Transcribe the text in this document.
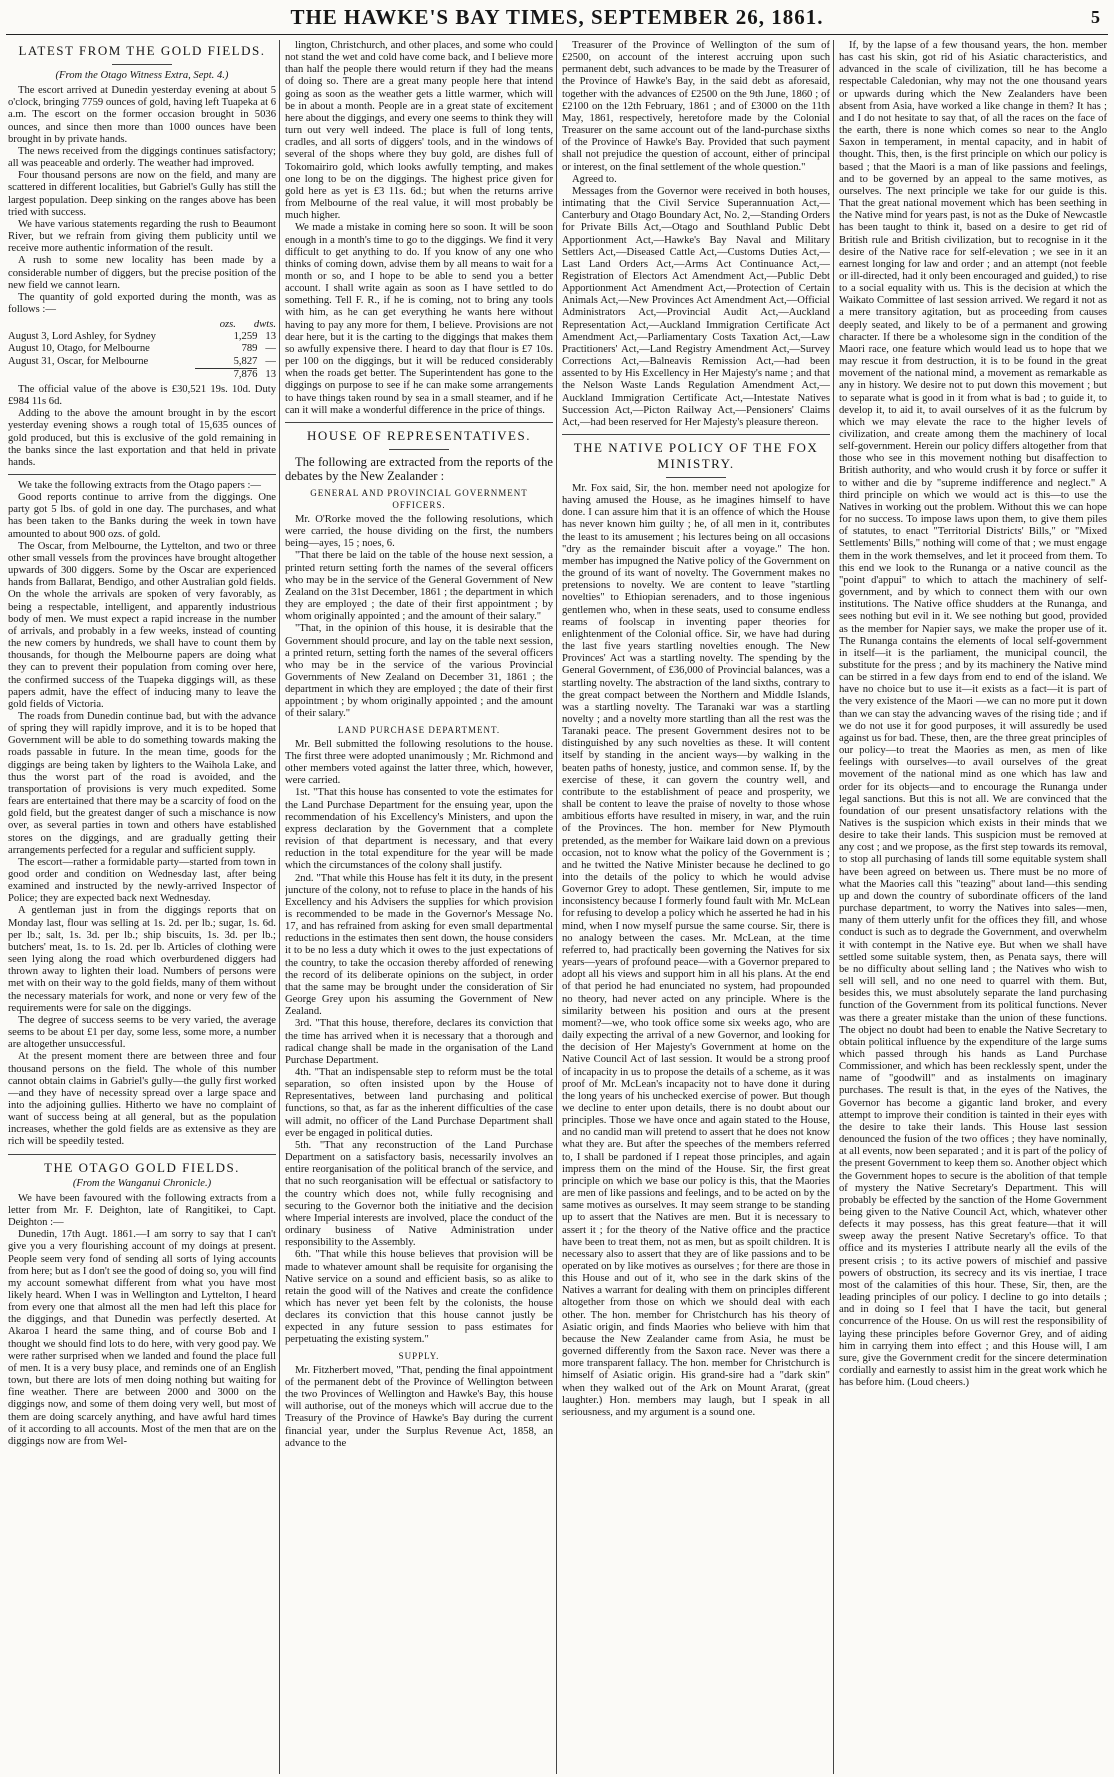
THE HAWKE'S BAY TIMES, SEPTEMBER 26, 1861.	5
LATEST FROM THE GOLD FIELDS.
(From the Otago Witness Extra, Sept. 4.)

The escort arrived at Dunedin yesterday evening at about 5 o'clock, bringing 7759 ounces of gold, having left Tuapeka at 6 a.m. The escort on the former occasion brought in 5036 ounces, and since then more than 1000 ounces have been brought in by private hands.

The news received from the diggings continues satisfactory; all was peaceable and orderly. The weather had improved.

Four thousand persons are now on the field, and many are scattered in different localities, but Gabriel's Gully has still the largest population. Deep sinking on the ranges above has been tried with success.

We have various statements regarding the rush to Beaumont River, but we refrain from giving them publicity until we receive more authentic information of the result.

A rush to some new locality has been made by a considerable number of diggers, but the precise position of the new field we cannot learn.

The quantity of gold exported during the month, was as follows :—

ozs. dwts.
August 3, Lord Ashley, for Sydney	1,259 13
August 10, Otago, for Melbourne	789 —
August 31, Oscar, for Melbourne	5,827 —
7,876 13

The official value of the above is £30,521 19s. 10d. Duty £984 11s 6d.

Adding to the above the amount brought in by the escort yesterday evening shows a rough total of 15,635 ounces of gold produced, but this is exclusive of the gold remaining in the banks since the last exportation and that held in private hands.

We take the following extracts from the Otago papers :—

Good reports continue to arrive from the diggings. One party got 5 lbs. of gold in one day. The purchases, and what has been taken to the Banks during the week in town have amounted to about 900 ozs. of gold.

The Oscar, from Melbourne, the Lyttelton, and two or three other small vessels from the provinces have brought altogether upwards of 300 diggers. Some by the Oscar are experienced hands from Ballarat, Bendigo, and other Australian gold fields. On the whole the arrivals are spoken of very favorably, as being a respectable, intelligent, and apparently industrious body of men. We must expect a rapid increase in the number of arrivals, and probably in a few weeks, instead of counting the new comers by hundreds, we shall have to count them by thousands, for though the Melbourne papers are doing what they can to prevent their population from coming over here, the confirmed success of the Tuapeka diggings will, as these papers admit, have the effect of inducing many to leave the gold fields of Victoria.

The roads from Dunedin continue bad, but with the advance of spring they will rapidly improve, and it is to be hoped that Government will be able to do something towards making the roads passable in future. In the mean time, goods for the diggings are being taken by lighters to the Waihola Lake, and thus the worst part of the road is avoided, and the transportation of provisions is very much expedited. Some fears are entertained that there may be a scarcity of food on the gold field, but the greatest danger of such a mischance is now over, as several parties in town and others have established stores on the diggings, and are gradually getting their arrangements perfected for a regular and sufficient supply.

The escort—rather a formidable party—started from town in good order and condition on Wednesday last, after being examined and instructed by the newly-arrived Inspector of Police; they are expected back next Wednesday.

A gentleman just in from the diggings reports that on Monday last, flour was selling at 1s. 2d. per lb.; sugar, 1s. 6d. per lb.; salt, 1s. 3d. per lb.; ship biscuits, 1s. 3d. per lb.; butchers' meat, 1s. to 1s. 2d. per lb. Articles of clothing were seen lying along the road which overburdened diggers had thrown away to lighten their load. Numbers of persons were met with on their way to the gold fields, many of them without the necessary materials for work, and none or very few of the requirements were for sale on the diggings.

The degree of success seems to be very varied, the average seems to be about £1 per day, some less, some more, a number are altogether unsuccessful.

At the present moment there are between three and four thousand persons on the field. The whole of this number cannot obtain claims in Gabriel's gully—the gully first worked—and they have of necessity spread over a large space and into the adjoining gullies. Hitherto we have no complaint of want of success being at all general, but as the population increases, whether the gold fields are as extensive as they are rich will be speedily tested.

THE OTAGO GOLD FIELDS.
(From the Wanganui Chronicle.)

We have been favoured with the following extracts from a letter from Mr. F. Deighton, late of Rangitikei, to Capt. Deighton :—

Dunedin, 17th Augt. 1861.—I am sorry to say that I can't give you a very flourishing account of my doings at present. People seem very fond of sending all sorts of lying accounts from here; but as I don't see the good of doing so, you will find my account somewhat different from what you have most likely heard. When I was in Wellington and Lyttelton, I heard from every one that almost all the men had left this place for the diggings, and that Dunedin was perfectly deserted. At Akaroa I heard the same thing, and of course Bob and I thought we should find lots to do here, with very good pay. We were rather surprised when we landed and found the place full of men. It is a very busy place, and reminds one of an English town, but there are lots of men doing nothing but waiting for fine weather. There are between 2000 and 3000 on the diggings now, and some of them doing very well, but most of them are doing scarcely anything, and have awful hard times of it according to all accounts. Most of the men that are on the diggings now are from Wel-

lington, Christchurch, and other places, and some who could not stand the wet and cold have come back, and I believe more than half the people there would return if they had the means of doing so. There are a great many people here that intend going as soon as the weather gets a little warmer, which will be in about a month. People are in a great state of excitement here about the diggings, and every one seems to think they will turn out very well indeed. The place is full of long tents, cradles, and all sorts of diggers' tools, and in the windows of several of the shops where they buy gold, are dishes full of Tokomairiro gold, which looks awfully tempting, and makes one long to be on the diggings. The highest price given for gold here as yet is £3 11s. 6d.; but when the returns arrive from Melbourne of the real value, it will most probably be much higher.

We made a mistake in coming here so soon. It will be soon enough in a month's time to go to the diggings. We find it very difficult to get anything to do. If you know of any one who thinks of coming down, advise them by all means to wait for a month or so, and I hope to be able to send you a better account. I shall write again as soon as I have settled to do something. Tell F. R., if he is coming, not to bring any tools with him, as he can get everything he wants here without having to pay any more for them, I believe. Provisions are not dear here, but it is the carting to the diggings that makes them so awfully expensive there. I heard to day that flour is £7 10s. per 100 on the diggings, but it will be reduced considerably when the roads get better. The Superintendent has gone to the diggings on purpose to see if he can make some arrangements to have things taken round by sea in a small steamer, and if he can it will make a wonderful difference in the price of things.

HOUSE OF REPRESENTATIVES.

The following are extracted from the reports of the debates by the New Zealander :

GENERAL AND PROVINCIAL GOVERNMENT OFFICERS.

Mr. O'Rorke moved the the following resolutions, which were carried, the house dividing on the first, the numbers being—ayes, 15 ; noes, 6.

"That there be laid on the table of the house next session, a printed return setting forth the names of the several officers who may be in the service of the General Government of New Zealand on the 31st December, 1861 ; the department in which they are employed ; the date of their first appointment ; by whom originally appointed ; and the amount of their salary."

"That, in the opinion of this house, it is desirable that the Government should procure, and lay on the table next session, a printed return, setting forth the names of the several officers who may be in the service of the various Provincial Governments of New Zealand on December 31, 1861 ; the department in which they are employed ; the date of their first appointment ; by whom originally appointed ; and the amount of their salary."

LAND PURCHASE DEPARTMENT.

Mr. Bell submitted the following resolutions to the house. The first three were adopted unanimously ; Mr. Richmond and other members voted against the latter three, which, however, were carried.

1st. "That this house has consented to vote the estimates for the Land Purchase Department for the ensuing year, upon the recommendation of his Excellency's Ministers, and upon the express declaration by the Government that a complete revision of that department is necessary, and that every reduction in the total expenditure for the year will be made which the circumstances of the colony shall justify.

2nd. "That while this House has felt it its duty, in the present juncture of the colony, not to refuse to place in the hands of his Excellency and his Advisers the supplies for which provision is recommended to be made in the Governor's Message No. 17, and has refrained from asking for even small departmental reductions in the estimates then sent down, the house considers it to be no less a duty which it owes to the just expectations of the country, to take the occasion thereby afforded of renewing the record of its deliberate opinions on the subject, in order that the same may be brought under the consideration of Sir George Grey upon his assuming the Government of New Zealand.

3rd. "That this house, therefore, declares its conviction that the time has arrived when it is necessary that a thorough and radical change shall be made in the organisation of the Land Purchase Department.

4th. "That an indispensable step to reform must be the total separation, so often insisted upon by the House of Representatives, between land purchasing and political functions, so that, as far as the inherent difficulties of the case will admit, no officer of the Land Purchase Department shall ever be engaged in political duties.

5th. "That any reconstruction of the Land Purchase Department on a satisfactory basis, necessarily involves an entire reorganisation of the political branch of the service, and that no such reorganisation will be effectual or satisfactory to the country which does not, while fully recognising and securing to the Governor both the initiative and the decision where Imperial interests are involved, place the conduct of the ordinary business of Native Administration under responsibility to the Assembly.

6th. "That while this house believes that provision will be made to whatever amount shall be requisite for organising the Native service on a sound and efficient basis, so as alike to retain the good will of the Natives and create the confidence which has never yet been felt by the colonists, the house declares its conviction that this house cannot justly be expected in any future session to pass estimates for perpetuating the existing system."

SUPPLY.

Mr. Fitzherbert moved, "That, pending the final appointment of the permanent debt of the Province of Wellington between the two Provinces of Wellington and Hawke's Bay, this house will authorise, out of the moneys which will accrue due to the Treasury of the Province of Hawke's Bay during the current financial year, under the Surplus Revenue Act, 1858, an advance to the

Treasurer of the Province of Wellington of the sum of £2500, on account of the interest accruing upon such permanent debt, such advances to be made by the Treasurer of the Province of Hawke's Bay, in the said debt as aforesaid, together with the advances of £2500 on the 9th June, 1860 ; of £2100 on the 12th February, 1861 ; and of £3000 on the 11th May, 1861, respectively, heretofore made by the Colonial Treasurer on the same account out of the land-purchase sixths of the Province of Hawke's Bay. Provided that such payment shall not prejudice the question of account, either of principal or interest, on the final settlement of the whole question."

Agreed to.

Messages from the Governor were received in both houses, intimating that the Civil Service Superannuation Act,—Canterbury and Otago Boundary Act, No. 2,—Standing Orders for Private Bills Act,—Otago and Southland Public Debt Apportionment Act,—Hawke's Bay Naval and Military Settlers Act,—Diseased Cattle Act,—Customs Duties Act,—Last Land Orders Act,—Arms Act Continuance Act,—Registration of Electors Act Amendment Act,—Public Debt Apportionment Act Amendment Act,—Protection of Certain Animals Act,—New Provinces Act Amendment Act,—Official Administrators Act,—Provincial Audit Act,—Auckland Representation Act,—Auckland Immigration Certificate Act Amendment Act,—Parliamentary Costs Taxation Act,—Law Practitioners' Act,—Land Registry Amendment Act,—Survey Corrections Act,—Balneavis Remission Act,—had been assented to by His Excellency in Her Majesty's name ; and that the Nelson Waste Lands Regulation Amendment Act,—Auckland Immigration Certificate Act,—Intestate Natives Succession Act,—Picton Railway Act,—Pensioners' Claims Act,—had been reserved for Her Majesty's pleasure thereon.

THE NATIVE POLICY OF THE FOX MINISTRY.

Mr. Fox said, Sir, the hon. member need not apologize for having amused the House, as he imagines himself to have done. I can assure him that it is an offence of which the House has never known him guilty ; he, of all men in it, contributes the least to its amusement ; his lectures being on all occasions "dry as the remainder biscuit after a voyage." The hon. member has impugned the Native policy of the Government on the ground of its want of novelty. The Government makes no pretensions to novelty. We are content to leave "startling novelties" to Ethiopian serenaders, and to those ingenious gentlemen who, when in these seats, used to consume endless reams of foolscap in inventing paper theories for enlightenment of the Colonial office. Sir, we have had during the last five years startling novelties enough. The New Provinces' Act was a startling novelty. The spending by the General Government, of £36,000 of Provincial balances, was a startling novelty. The abstraction of the land sixths, contrary to the great compact between the Northern and Middle Islands, was a startling novelty. The Taranaki war was a startling novelty ; and a novelty more startling than all the rest was the Taranaki peace. The present Government desires not to be distinguished by any such novelties as these. It will content itself by standing in the ancient ways—by walking in the beaten paths of honesty, justice, and common sense. If, by the exercise of these, it can govern the country well, and contribute to the establishment of peace and prosperity, we shall be content to leave the praise of novelty to those whose ambitious efforts have resulted in misery, in war, and the ruin of the Provinces. The hon. member for New Plymouth pretended, as the member for Waikare laid down on a previous occasion, not to know what the policy of the Government is ; and he twitted the Native Minister because he declined to go into the details of the policy to which he would advise Governor Grey to adopt. These gentlemen, Sir, impute to me inconsistency because I formerly found fault with Mr. McLean for refusing to develop a policy which he asserted he had in his mind, when I now myself pursue the same course. Sir, there is no analogy between the cases. Mr. McLean, at the time referred to, had practically been governing the Natives for six years—years of profound peace—with a Governor prepared to adopt all his views and support him in all his plans. At the end of that period he had enunciated no system, had propounded no theory, had never acted on any principle. Where is the similarity between his position and ours at the present moment?—we, who took office some six weeks ago, who are daily expecting the arrival of a new Governor, and looking for the decision of Her Majesty's Government at home on the Native Council Act of last session. It would be a strong proof of incapacity in us to propose the details of a scheme, as it was proof of Mr. McLean's incapacity not to have done it during the long years of his unchecked exercise of power. But though we decline to enter upon details, there is no doubt about our principles. Those we have once and again stated to the House, and no candid man will pretend to assert that he does not know what they are. But after the speeches of the members referred to, I shall be pardoned if I repeat those principles, and again impress them on the mind of the House. Sir, the first great principle on which we base our policy is this, that the Maories are men of like passions and feelings, and to be acted on by the same motives as ourselves. It may seem strange to be standing up to assert that the Natives are men. But it is necessary to assert it ; for the theory of the Native office and the practice have been to treat them, not as men, but as spoilt children. It is necessary also to assert that they are of like passions and to be operated on by like motives as ourselves ; for there are those in this House and out of it, who see in the dark skins of the Natives a warrant for dealing with them on principles different altogether from those on which we should deal with each other. The hon. member for Christchurch has his theory of Asiatic origin, and finds Maories who believe with him that because the New Zealander came from Asia, he must be governed differently from the Saxon race. Never was there a more transparent fallacy. The hon. member for Christchurch is himself of Asiatic origin. His grand-sire had a "dark skin" when they walked out of the Ark on Mount Ararat, (great laughter.) Hon. members may laugh, but I speak in all seriousness, and my argument is a sound one.

If, by the lapse of a few thousand years, the hon. member has cast his skin, got rid of his Asiatic characteristics, and advanced in the scale of civilization, till he has become a respectable Caledonian, why may not the one thousand years or upwards during which the New Zealanders have been absent from Asia, have worked a like change in them? It has ; and I do not hesitate to say that, of all the races on the face of the earth, there is none which comes so near to the Anglo Saxon in temperament, in mental capacity, and in habit of thought. This, then, is the first principle on which our policy is based ; that the Maori is a man of like passions and feelings, and to be governed by an appeal to the same motives, as ourselves. The next principle we take for our guide is this. That the great national movement which has been seething in the Native mind for years past, is not as the Duke of Newcastle has been taught to think it, based on a desire to get rid of British rule and British civilization, but to recognise in it the desire of the Native race for self-elevation ; we see in it an earnest longing for law and order ; and an attempt (not feeble or ill-directed, had it only been encouraged and guided,) to rise to a social equality with us. This is the decision at which the Waikato Committee of last session arrived. We regard it not as a mere transitory agitation, but as proceeding from causes deeply seated, and likely to be of a permanent and growing character. If there be a wholesome sign in the condition of the Maori race, one feature which would lead us to hope that we may rescue it from destruction, it is to be found in the great movement of the national mind, a movement as remarkable as any in history. We desire not to put down this movement ; but to separate what is good in it from what is bad ; to guide it, to develop it, to aid it, to avail ourselves of it as the fulcrum by which we may elevate the race to the higher levels of civilization, and create among them the machinery of local self-government. Herein our policy differs altogether from that those who see in this movement nothing but disaffection to British authority, and who would crush it by force or suffer it to wither and die by "supreme indifference and neglect." A third principle on which we would act is this—to use the Natives in working out the problem. Without this we can hope for no success. To impose laws upon them, to give them piles of statutes, to enact "Territorial Districts' Bills," or "Mixed Settlements' Bills," nothing will come of that ; we must engage them in the work themselves, and let it proceed from them. To this end we look to the Runanga or a native council as the "point d'appui" to which to attach the machinery of self-government, and by which to connect them with our own institutions. The Native office shudders at the Runanga, and sees nothing but evil in it. We see nothing but good, provided as the member for Napier says, we make the proper use of it. The Runanga contains the elements of local self-government in itself—it is the parliament, the municipal council, the substitute for the press ; and by its machinery the Native mind can be stirred in a few days from end to end of the island. We have no choice but to use it—it exists as a fact—it is part of the very existence of the Maori —we can no more put it down than we can stay the advancing waves of the rising tide ; and if we do not use it for good purposes, it will assuredly be used against us for bad. These, then, are the three great principles of our policy—to treat the Maories as men, as men of like feelings with ourselves—to avail ourselves of the great movement of the national mind as one which has law and order for its objects—and to encourage the Runanga under legal sanctions. But this is not all. We are convinced that the foundation of our present unsatisfactory relations with the Natives is the suspicion which exists in their minds that we desire to take their lands. This suspicion must be removed at any cost ; and we propose, as the first step towards its removal, to stop all purchasing of lands till some equitable system shall have been agreed on between us. There must be no more of what the Maories call this "teazing" about land—this sending up and down the country of subordinate officers of the land purchase department, to worry the Natives into sales—men, many of them utterly unfit for the offices they fill, and whose conduct is such as to degrade the Government, and overwhelm it with contempt in the Native eye. But when we shall have settled some suitable system, then, as Penata says, there will be no difficulty about selling land ; the Natives who wish to sell will sell, and no one need to quarrel with them. But, besides this, we must absolutely separate the land purchasing function of the Government from its political functions. Never was there a greater mistake than the union of these functions. The object no doubt had been to enable the Native Secretary to obtain political influence by the expenditure of the large sums which passed through his hands as Land Purchase Commissioner, and which has been recklessly spent, under the name of "goodwill" and as instalments on imaginary purchases. The result is that, in the eyes of the Natives, the Governor has become a gigantic land broker, and every attempt to improve their condition is tainted in their eyes with the desire to take their lands. This House last session denounced the fusion of the two offices ; they have nominally, at all events, now been separated ; and it is part of the policy of the present Government to keep them so. Another object which the Government hopes to secure is the abolition of that temple of mystery the Native Secretary's Department. This will probably be effected by the sanction of the Home Government being given to the Native Council Act, which, whatever other defects it may possess, has this great feature—that it will sweep away the present Native Secretary's office. To that office and its mysteries I attribute nearly all the evils of the present crisis ; to its active powers of mischief and passive powers of obstruction, its secrecy and its vis inertiae, I trace most of the calamities of this hour. These, Sir, then, are the leading principles of our policy. I decline to go into details ; and in doing so I feel that I have the tacit, but general concurrence of the House. On us will rest the responsibility of laying these principles before Governor Grey, and of aiding him in carrying them into effect ; and this House will, I am sure, give the Government credit for the sincere determination cordially and earnestly to assist him in the great work which he has before him. (Loud cheers.)
